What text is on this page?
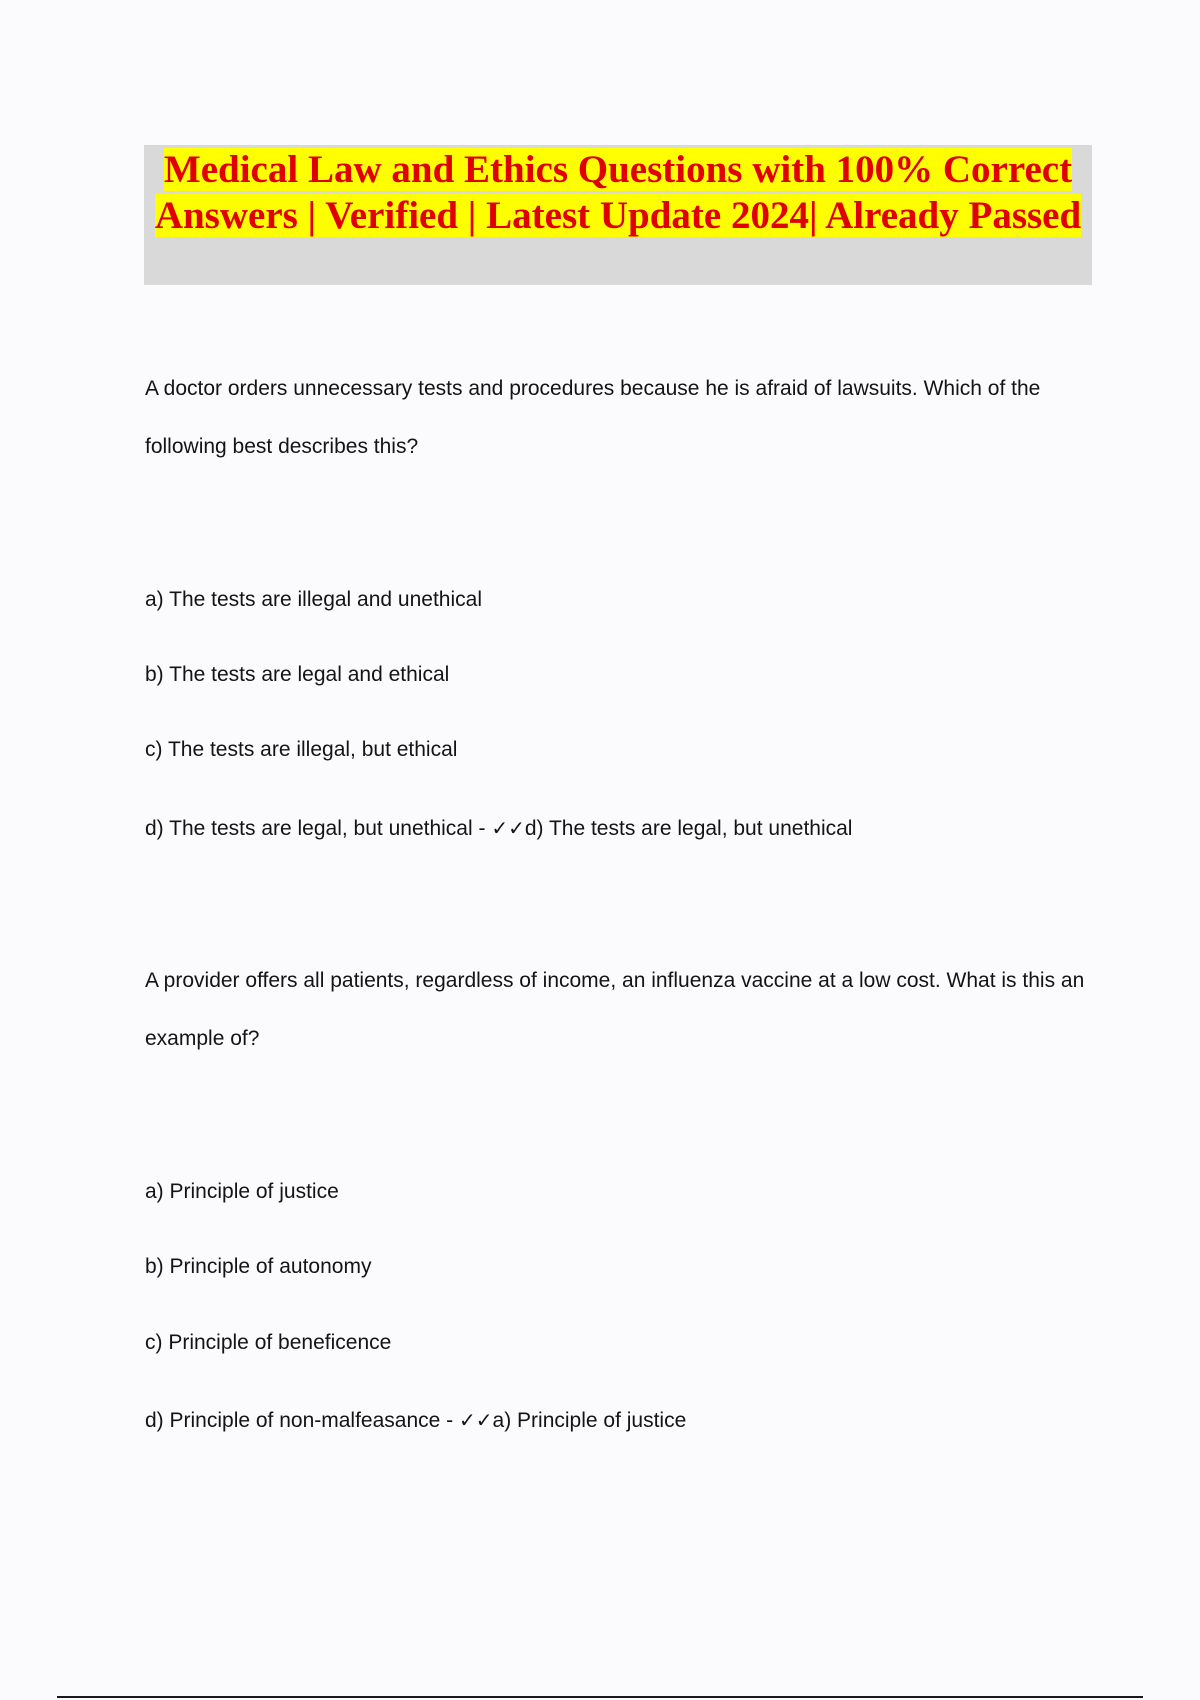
Medical Law and Ethics Questions with 100% Correct Answers | Verified | Latest Update 2024| Already Passed

A doctor orders unnecessary tests and procedures because he is afraid of lawsuits. Which of the following best describes this?

a) The tests are illegal and unethical

b) The tests are legal and ethical

c) The tests are illegal, but ethical

d) The tests are legal, but unethical - ✓✓d) The tests are legal, but unethical

A provider offers all patients, regardless of income, an influenza vaccine at a low cost. What is this an example of?

a) Principle of justice

b) Principle of autonomy

c) Principle of beneficence

d) Principle of non-malfeasance - ✓✓a) Principle of justice
